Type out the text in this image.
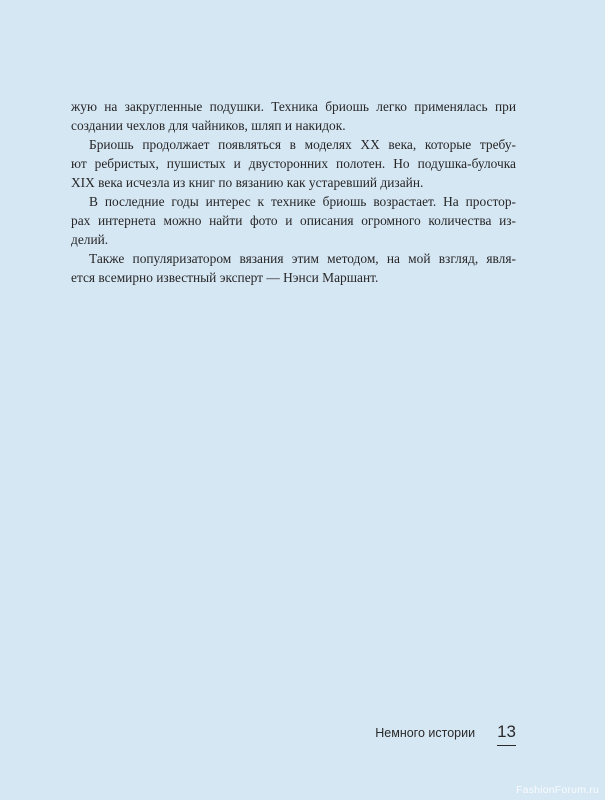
жую на закругленные подушки. Техника бриошь легко применялась при
создании чехлов для чайников, шляп и накидок.

Бриошь продолжает появляться в моделях XX века, которые требу-
ют ребристых, пушистых и двусторонних полотен. Но подушка-булочка
XIX века исчезла из книг по вязанию как устаревший дизайн.

В последние годы интерес к технике бриошь возрастает. На простор-
рах интернета можно найти фото и описания огромного количества из-
делий.

Также популяризатором вязания этим методом, на мой взгляд, явля-
ется всемирно известный эксперт — Нэнси Маршант.

Немного истории 13
FashionForum.ru
